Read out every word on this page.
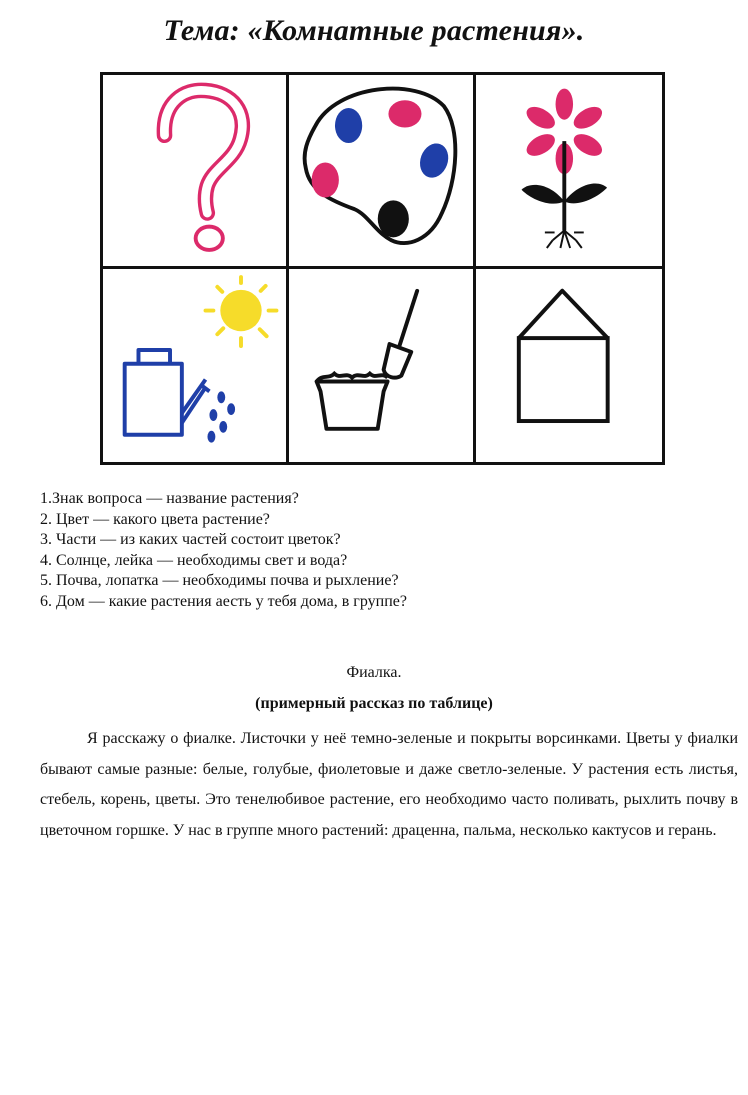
Тема: «Комнатные растения».
1.Знак вопроса — название растения?
2. Цвет — какого цвета растение?
3. Части — из каких частей состоит цветок?
4. Солнце, лейка — необходимы свет и вода?
5. Почва, лопатка — необходимы почва и рыхление?
6. Дом — какие растения аесть у тебя дома, в группе?
Фиалка.
(примерный рассказ по таблице)

Я расскажу о фиалке. Листочки у неё темно-зеленые и покрыты ворсинками. Цветы у фиалки бывают самые разные: белые, голубые, фиолетовые и даже светло-зеленые. У растения есть листья, стебель, корень, цветы. Это тенелюбивое растение, его необходимо часто поливать, рыхлить почву в цветочном горшке. У нас в группе много растений: драценна, пальма, несколько кактусов и герань.
